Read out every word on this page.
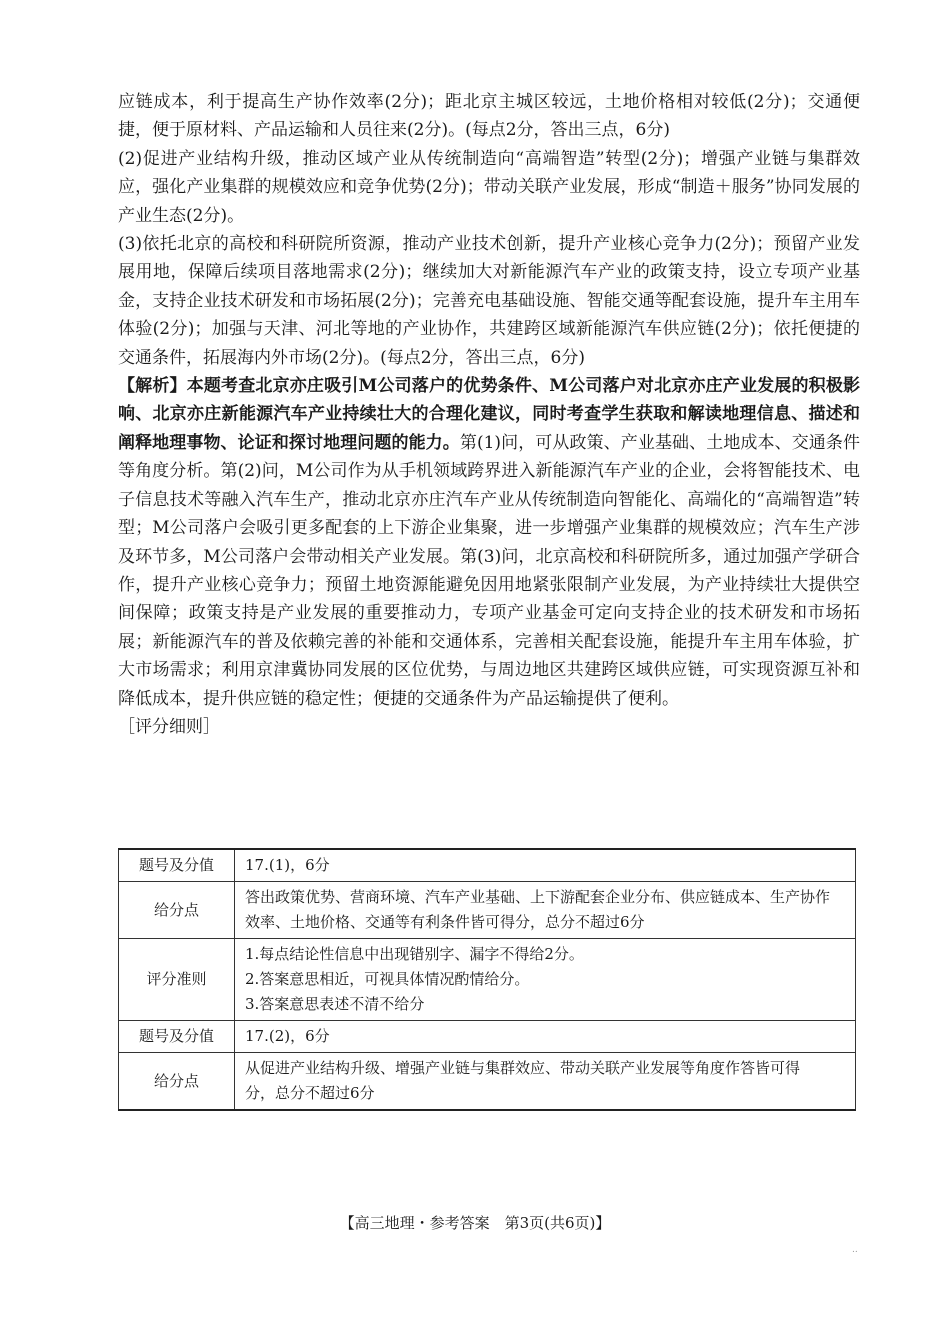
应链成本，利于提高生产协作效率(2分)；距北京主城区较远，土地价格相对较低(2分)；交通便捷，便于原材料、产品运输和人员往来(2分)。(每点2分，答出三点，6分)

(2)促进产业结构升级，推动区域产业从传统制造向“高端智造”转型(2分)；增强产业链与集群效应，强化产业集群的规模效应和竞争优势(2分)；带动关联产业发展，形成“制造＋服务”协同发展的产业生态(2分)。

(3)依托北京的高校和科研院所资源，推动产业技术创新，提升产业核心竞争力(2分)；预留产业发展用地，保障后续项目落地需求(2分)；继续加大对新能源汽车产业的政策支持，设立专项产业基金，支持企业技术研发和市场拓展(2分)；完善充电基础设施、智能交通等配套设施，提升车主用车体验(2分)；加强与天津、河北等地的产业协作，共建跨区域新能源汽车供应链(2分)；依托便捷的交通条件，拓展海内外市场(2分)。(每点2分，答出三点，6分)

【解析】本题考查北京亦庄吸引M公司落户的优势条件、M公司落户对北京亦庄产业发展的积极影响、北京亦庄新能源汽车产业持续壮大的合理化建议，同时考查学生获取和解读地理信息、描述和阐释地理事物、论证和探讨地理问题的能力。第(1)问，可从政策、产业基础、土地成本、交通条件等角度分析。第(2)问，M公司作为从手机领域跨界进入新能源汽车产业的企业，会将智能技术、电子信息技术等融入汽车生产，推动北京亦庄汽车产业从传统制造向智能化、高端化的“高端智造”转型；M公司落户会吸引更多配套的上下游企业集聚，进一步增强产业集群的规模效应；汽车生产涉及环节多，M公司落户会带动相关产业发展。第(3)问，北京高校和科研院所多，通过加强产学研合作，提升产业核心竞争力；预留土地资源能避免因用地紧张限制产业发展，为产业持续壮大提供空间保障；政策支持是产业发展的重要推动力，专项产业基金可定向支持企业的技术研发和市场拓展；新能源汽车的普及依赖完善的补能和交通体系，完善相关配套设施，能提升车主用车体验，扩大市场需求；利用京津冀协同发展的区位优势，与周边地区共建跨区域供应链，可实现资源互补和降低成本，提升供应链的稳定性；便捷的交通条件为产品运输提供了便利。

［评分细则］
题号及分值	17.(1)，6分
给分点	答出政策优势、营商环境、汽车产业基础、上下游配套企业分布、供应链成本、生产协作
效率、土地价格、交通等有利条件皆可得分，总分不超过6分

评分准则	1.每点结论性信息中出现错别字、漏字不得给2分。
2.答案意思相近，可视具体情况酌情给分。
3.答案意思表述不清不给分

题号及分值	17.(2)，6分
给分点	从促进产业结构升级、增强产业链与集群效应、带动关联产业发展等角度作答皆可得
分，总分不超过6分
【高三地理・参考答案　第3页(共6页)】
..
